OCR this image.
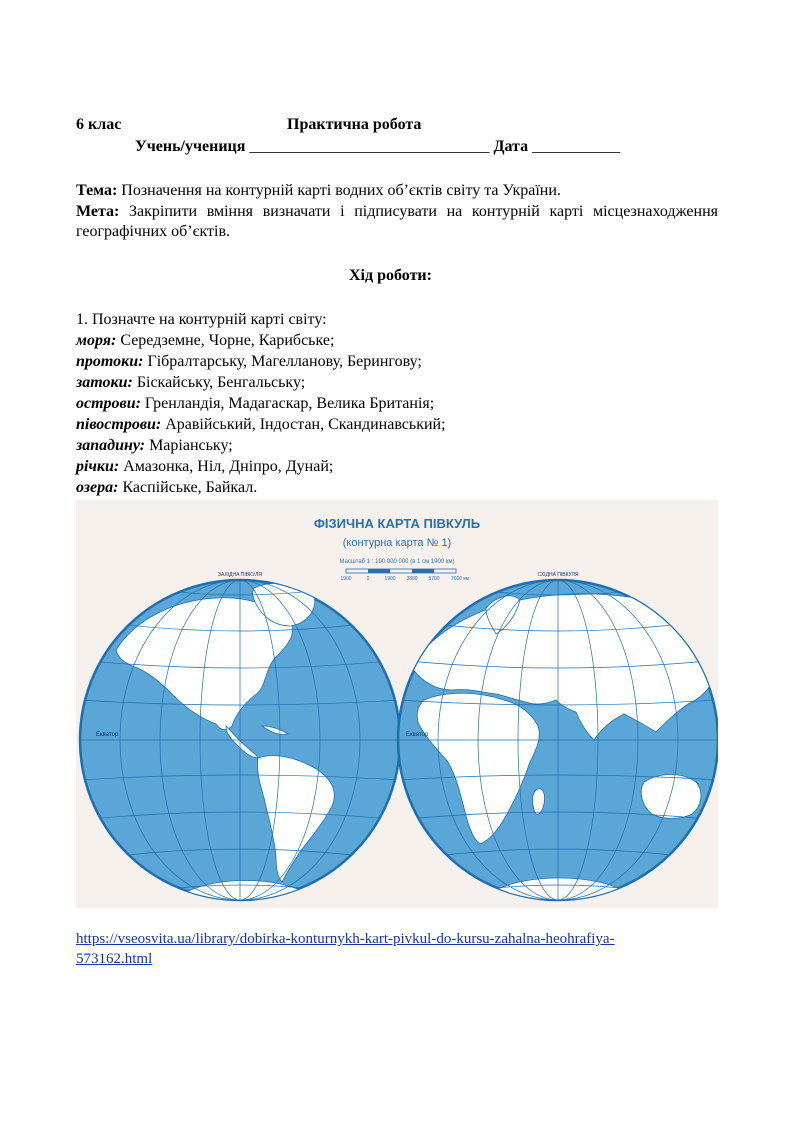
6 клас	Практична робота
Учень/учениця ______________________________ Дата ___________

Тема: Позначення на контурній карті водних об’єктів світу та України.

Мета: Закріпити вміння визначати і підписувати на контурній карті місцезнаходження географічних об’єктів.

Хід роботи:

1. Позначте на контурній карті світу:

моря: Середземне, Чорне, Карибське;

протоки: Гібралтарську, Магелланову, Берингову;

затоки: Біскайську, Бенгальську;

острови: Гренландія, Мадагаскар, Велика Британія;

півострови: Аравійський, Індостан, Скандинавський;

западину: Маріанську;

річки: Амазонка, Ніл, Дніпро, Дунай;

озера: Каспійське, Байкал.

ФІЗИЧНА КАРТА ПІВКУЛЬ
(контурна карта № 1)
Масштаб 1 : 190 000 000 (в 1 см 1900 км)
1900	0	1900 3800 5700 7600 км
Екватор
ЗАХІДНА ПІВКУЛЯ
Екватор
СХІДНА ПІВКУЛЯ
https://vseosvita.ua/library/dobirka-konturnykh-kart-pivkul-do-kursu-zahalna-heohrafiya-573162.html
